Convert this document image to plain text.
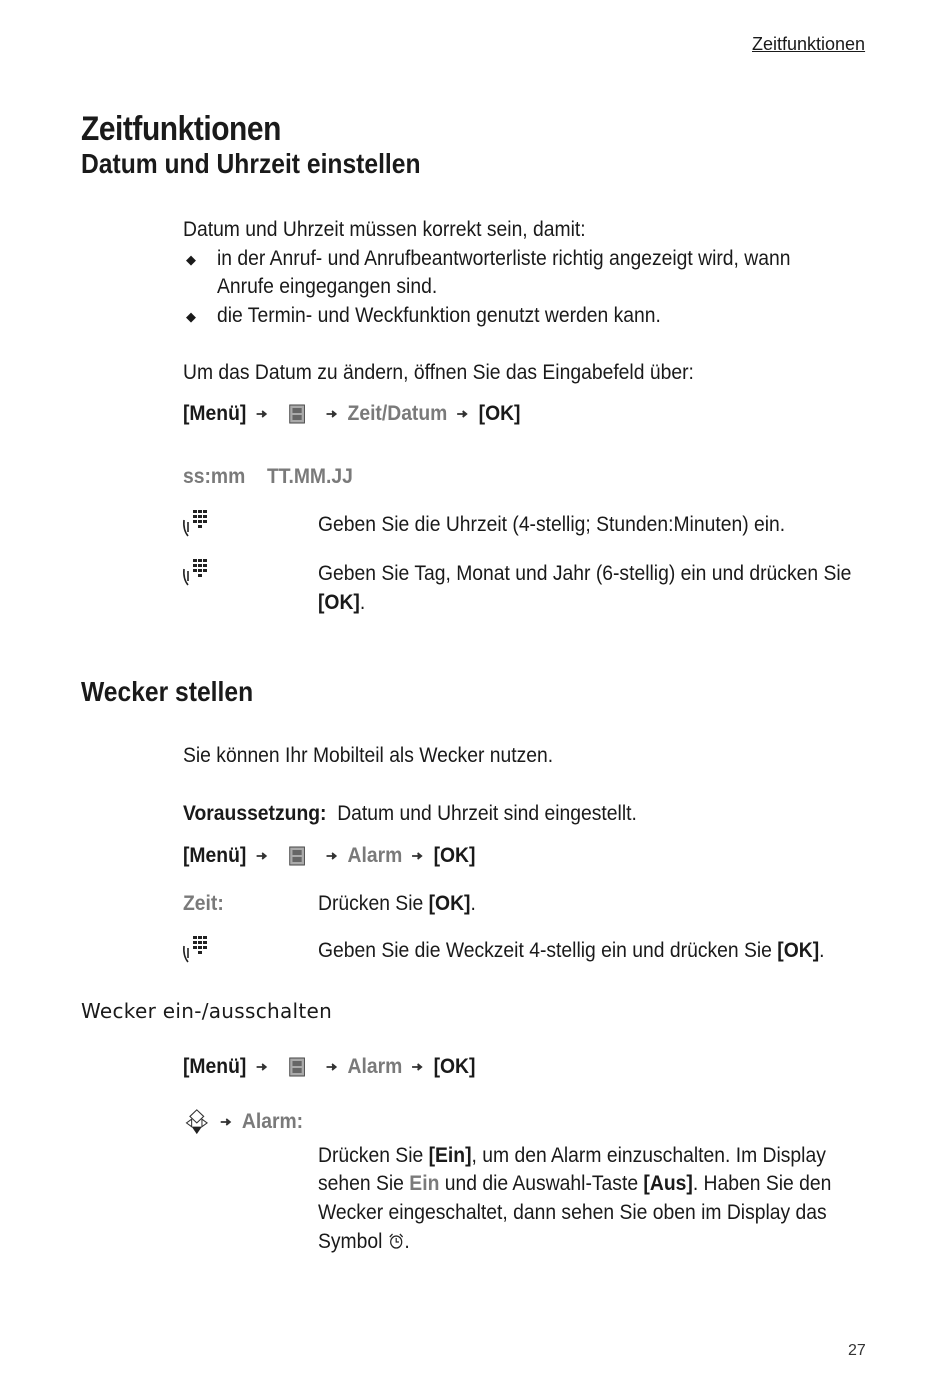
Zeitfunktionen
Zeitfunktionen
Datum und Uhrzeit einstellen
Datum und Uhrzeit müssen korrekt sein, damit:
◆ in der Anruf- und Anrufbeantworterliste richtig angezeigt wird, wann
Anrufe eingegangen sind.
◆ die Termin- und Weckfunktion genutzt werden kann.
Um das Datum zu ändern, öffnen Sie das Eingabefeld über:
[Menü]	Zeit/Datum [OK]
ss:mm TT.MM.JJ
Geben Sie die Uhrzeit (4-stellig; Stunden:Minuten) ein.
Geben Sie Tag, Monat und Jahr (6-stellig) ein und drücken Sie
[OK].
Wecker stellen
Sie können Ihr Mobilteil als Wecker nutzen.
Voraussetzung: Datum und Uhrzeit sind eingestellt.
[Menü]	Alarm [OK]
Zeit:	Drücken Sie [OK].
Geben Sie die Weckzeit 4-stellig ein und drücken Sie [OK].
Wecker ein-/ausschalten
[Menü]	Alarm [OK]
Alarm:
Drücken Sie [Ein], um den Alarm einzuschalten. Im Display
sehen Sie Ein und die Auswahl-Taste [Aus]. Haben Sie den
Wecker eingeschaltet, dann sehen Sie oben im Display das
Symbol .
27
